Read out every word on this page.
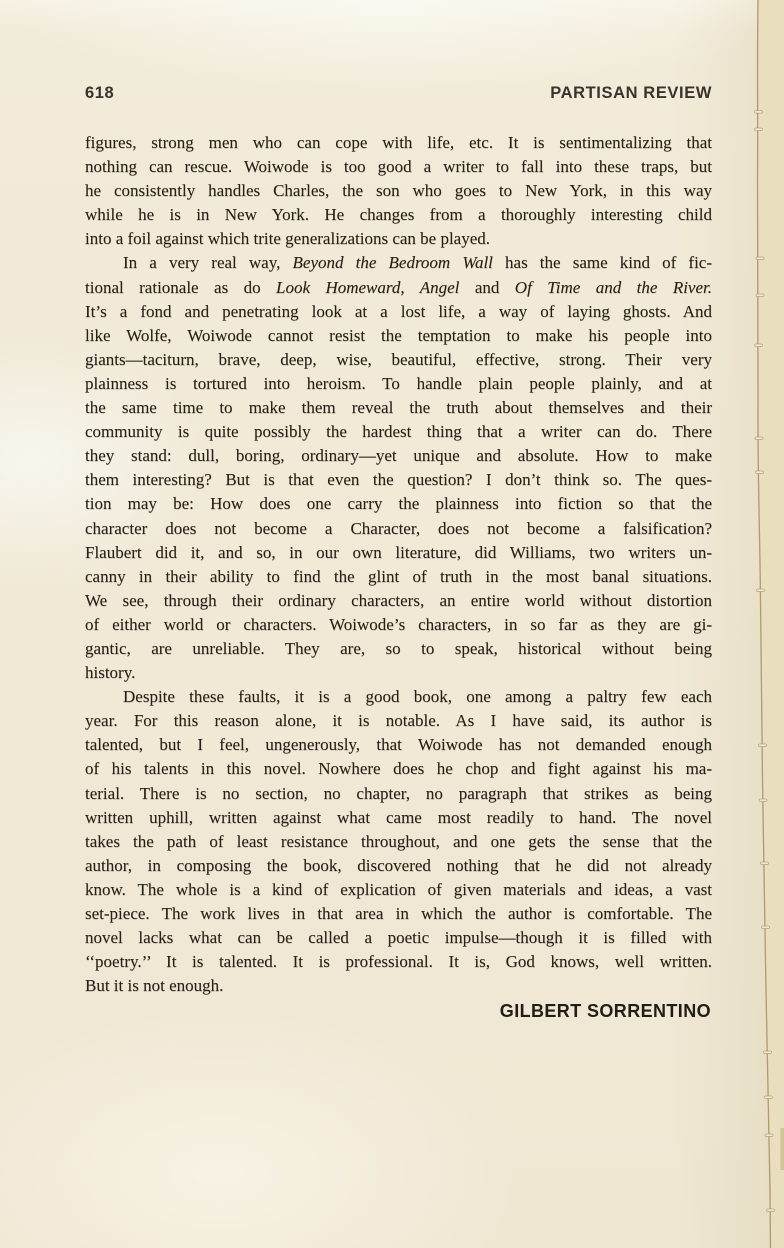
618	PARTISAN REVIEW
figures, strong men who can cope with life, etc. It is sentimentalizing that
nothing can rescue. Woiwode is too good a writer to fall into these traps, but
he consistently handles Charles, the son who goes to New York, in this way
while he is in New York. He changes from a thoroughly interesting child
into a foil against which trite generalizations can be played.
In a very real way, Beyond the Bedroom Wall has the same kind of fic-
tional rationale as do Look Homeward, Angel and Of Time and the River.
It’s a fond and penetrating look at a lost life, a way of laying ghosts. And
like Wolfe, Woiwode cannot resist the temptation to make his people into
giants—taciturn, brave, deep, wise, beautiful, effective, strong. Their very
plainness is tortured into heroism. To handle plain people plainly, and at
the same time to make them reveal the truth about themselves and their
community is quite possibly the hardest thing that a writer can do. There
they stand: dull, boring, ordinary—yet unique and absolute. How to make
them interesting? But is that even the question? I don’t think so. The ques-
tion may be: How does one carry the plainness into fiction so that the
character does not become a Character, does not become a falsification?
Flaubert did it, and so, in our own literature, did Williams, two writers un-
canny in their ability to find the glint of truth in the most banal situations.
We see, through their ordinary characters, an entire world without distortion
of either world or characters. Woiwode’s characters, in so far as they are gi-
gantic, are unreliable. They are, so to speak, historical without being
history.
Despite these faults, it is a good book, one among a paltry few each
year. For this reason alone, it is notable. As I have said, its author is
talented, but I feel, ungenerously, that Woiwode has not demanded enough
of his talents in this novel. Nowhere does he chop and fight against his ma-
terial. There is no section, no chapter, no paragraph that strikes as being
written uphill, written against what came most readily to hand. The novel
takes the path of least resistance throughout, and one gets the sense that the
author, in composing the book, discovered nothing that he did not already
know. The whole is a kind of explication of given materials and ideas, a vast
set-piece. The work lives in that area in which the author is comfortable. The
novel lacks what can be called a poetic impulse—though it is filled with
‘‘poetry.’’ It is talented. It is professional. It is, God knows, well written.
But it is not enough.
GILBERT SORRENTINO
